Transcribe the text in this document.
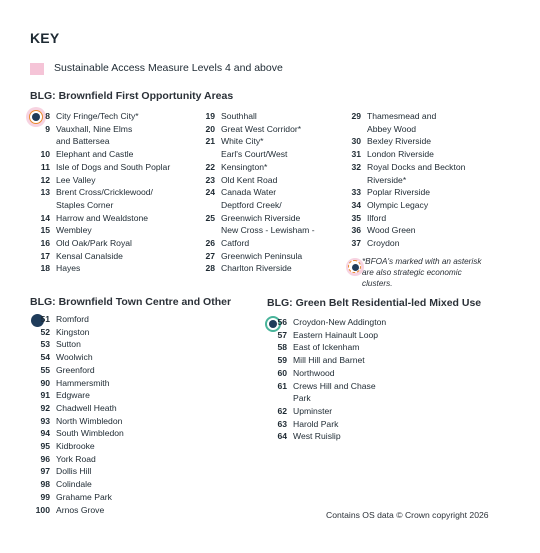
KEY
Sustainable Access Measure Levels 4 and above
BLG: Brownfield First Opportunity Areas
8 City Fringe/Tech City*
9 Vauxhall, Nine Elms
and Battersea
10 Elephant and Castle
11 Isle of Dogs and South Poplar
12 Lee Valley
13 Brent Cross/Cricklewood/
Staples Corner
14 Harrow and Wealdstone
15 Wembley
16 Old Oak/Park Royal
17 Kensal Canalside
18 Hayes
19 Southhall
20 Great West Corridor*
21 White City*
Earl's Court/West
22 Kensington*
23 Old Kent Road
24 Canada Water
Deptford Creek/
25 Greenwich Riverside
New Cross - Lewisham -
26 Catford
27 Greenwich Peninsula
28 Charlton Riverside
29 Thamesmead and
Abbey Wood
30 Bexley Riverside
31 London Riverside
32 Royal Docks and Beckton
Riverside*
33 Poplar Riverside
34 Olympic Legacy
35 Ilford
36 Wood Green
37 Croydon
*BFOA's marked with an asterisk are also strategic economic clusters.
BLG: Brownfield Town Centre and Other
51 Romford
52 Kingston
53 Sutton
54 Woolwich
55 Greenford
90 Hammersmith
91 Edgware
92 Chadwell Heath
93 North Wimbledon
94 South Wimbledon
95 Kidbrooke
96 York Road
97 Dollis Hill
98 Colindale
99 Grahame Park
100 Arnos Grove
BLG: Green Belt Residential-led Mixed Use
56 Croydon-New Addington
57 Eastern Hainault Loop
58 East of Ickenham
59 Mill Hill and Barnet
60 Northwood
61 Crews Hill and Chase
Park
62 Upminster
63 Harold Park
64 West Ruislip
Contains OS data © Crown copyright 2026
